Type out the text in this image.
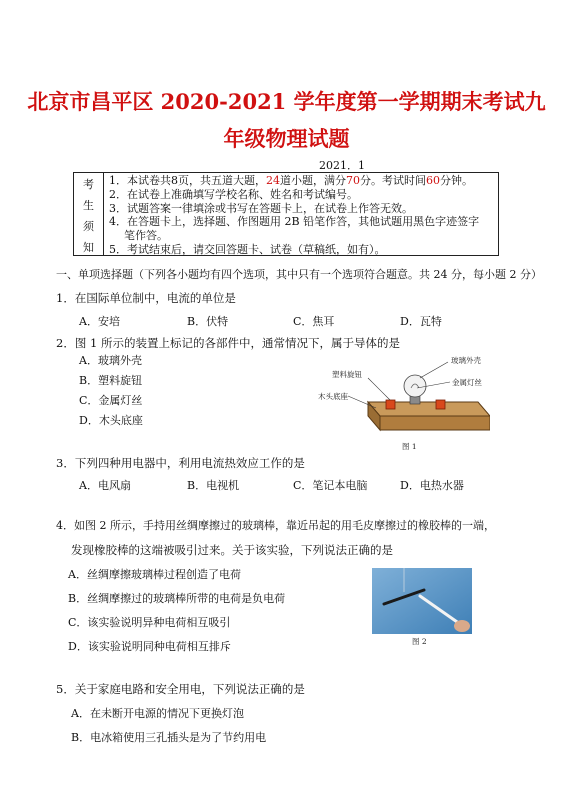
北京市昌平区 2020-2021 学年度第一学期期末考试九
年级物理试题
2021．1
考
生
须
知
1．本试卷共8页，共五道大题，24道小题，满分70分。考试时间60分钟。
2．在试卷上准确填写学校名称、姓名和考试编号。
3．试题答案一律填涂或书写在答题卡上，在试卷上作答无效。
4．在答题卡上，选择题、作图题用 2B 铅笔作答，其他试题用黑色字迹签字
笔作答。
5．考试结束后，请交回答题卡、试卷（草稿纸，如有）。
一、单项选择题（下列各小题均有四个选项，其中只有一个选项符合题意。共 24 分，每小题 2 分）
1．在国际单位制中，电流的单位是
A．安培	B．伏特	C．焦耳	D．瓦特
2．图 1 所示的装置上标记的各部件中，通常情况下，属于导体的是
A．玻璃外壳
B．塑料旋钮
C．金属灯丝
D．木头底座
玻璃外壳
金属灯丝
塑料旋钮
木头底座
图 1
3．下列四种用电器中，利用电流热效应工作的是
A．电风扇	B．电视机	C．笔记本电脑	D．电热水器
4．如图 2 所示，手持用丝绸摩擦过的玻璃棒，靠近吊起的用毛皮摩擦过的橡胶棒的一端，
发现橡胶棒的这端被吸引过来。关于该实验，下列说法正确的是
A．丝绸摩擦玻璃棒过程创造了电荷
B．丝绸摩擦过的玻璃棒所带的电荷是负电荷
C．该实验说明异种电荷相互吸引
D．该实验说明同种电荷相互排斥	图 2
5．关于家庭电路和安全用电，下列说法正确的是
A．在未断开电源的情况下更换灯泡
B．电冰箱使用三孔插头是为了节约用电
